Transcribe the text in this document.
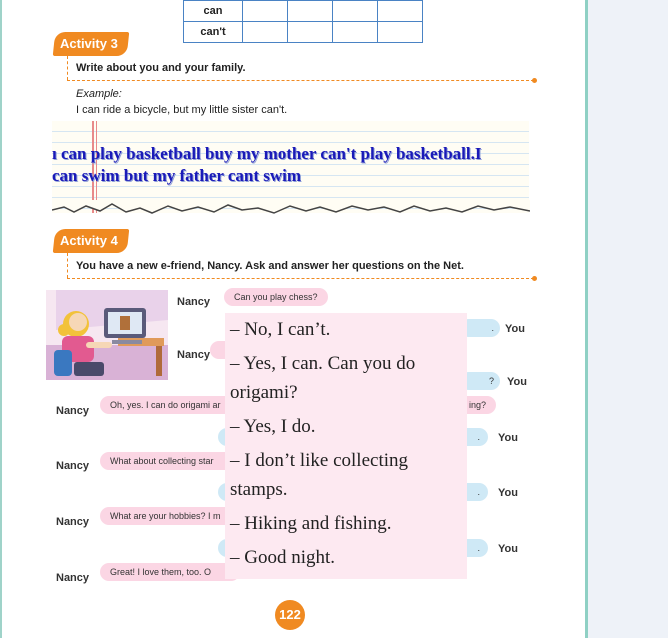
can				
can't				
Activity 3
Write about you and your family.
Example:
I can ride a bicycle, but my little sister can't.
ı can play basketball buy my mother can't play basketball.I
can swim but my father cant swim
Activity 4
You have a new e-friend, Nancy. Ask and answer her questions on the Net.
Nancy	Can you play chess?
.	You
Nancy
?	You
Nancy	Oh, yes. I can do origami ar	ing?
.	You
Nancy	What about collecting star
.	You
Nancy	What are your hobbies? I m
.	You
Nancy	Great! I love them, too. O
– No, I can’t.
– Yes, I can. Can you do origami?
– Yes, I do.
– I don’t like collecting stamps.
– Hiking and fishing.
– Good night.
122
